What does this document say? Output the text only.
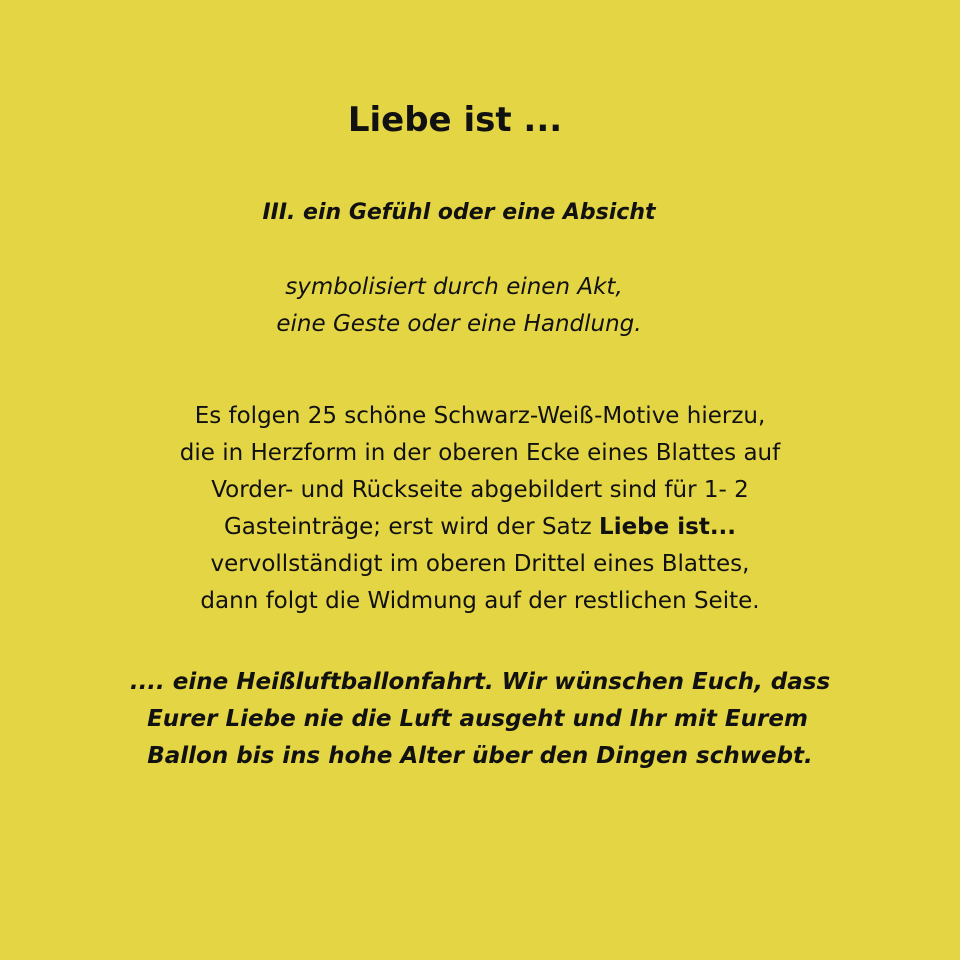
Liebe ist ...

III. ein Gefühl oder eine Absicht

symbolisiert durch einen Akt,

eine Geste oder eine Handlung.

Es folgen 25 schöne Schwarz-Weiß-Motive hierzu,

die in Herzform in der oberen Ecke eines Blattes auf

Vorder- und Rückseite abgebildert sind für 1- 2

Gasteinträge; erst wird der Satz Liebe ist...

vervollständigt im oberen Drittel eines Blattes,

dann folgt die Widmung auf der restlichen Seite.

.... eine Heißluftballonfahrt. Wir wünschen Euch, dass

Eurer Liebe nie die Luft ausgeht und Ihr mit Eurem

Ballon bis ins hohe Alter über den Dingen schwebt.
